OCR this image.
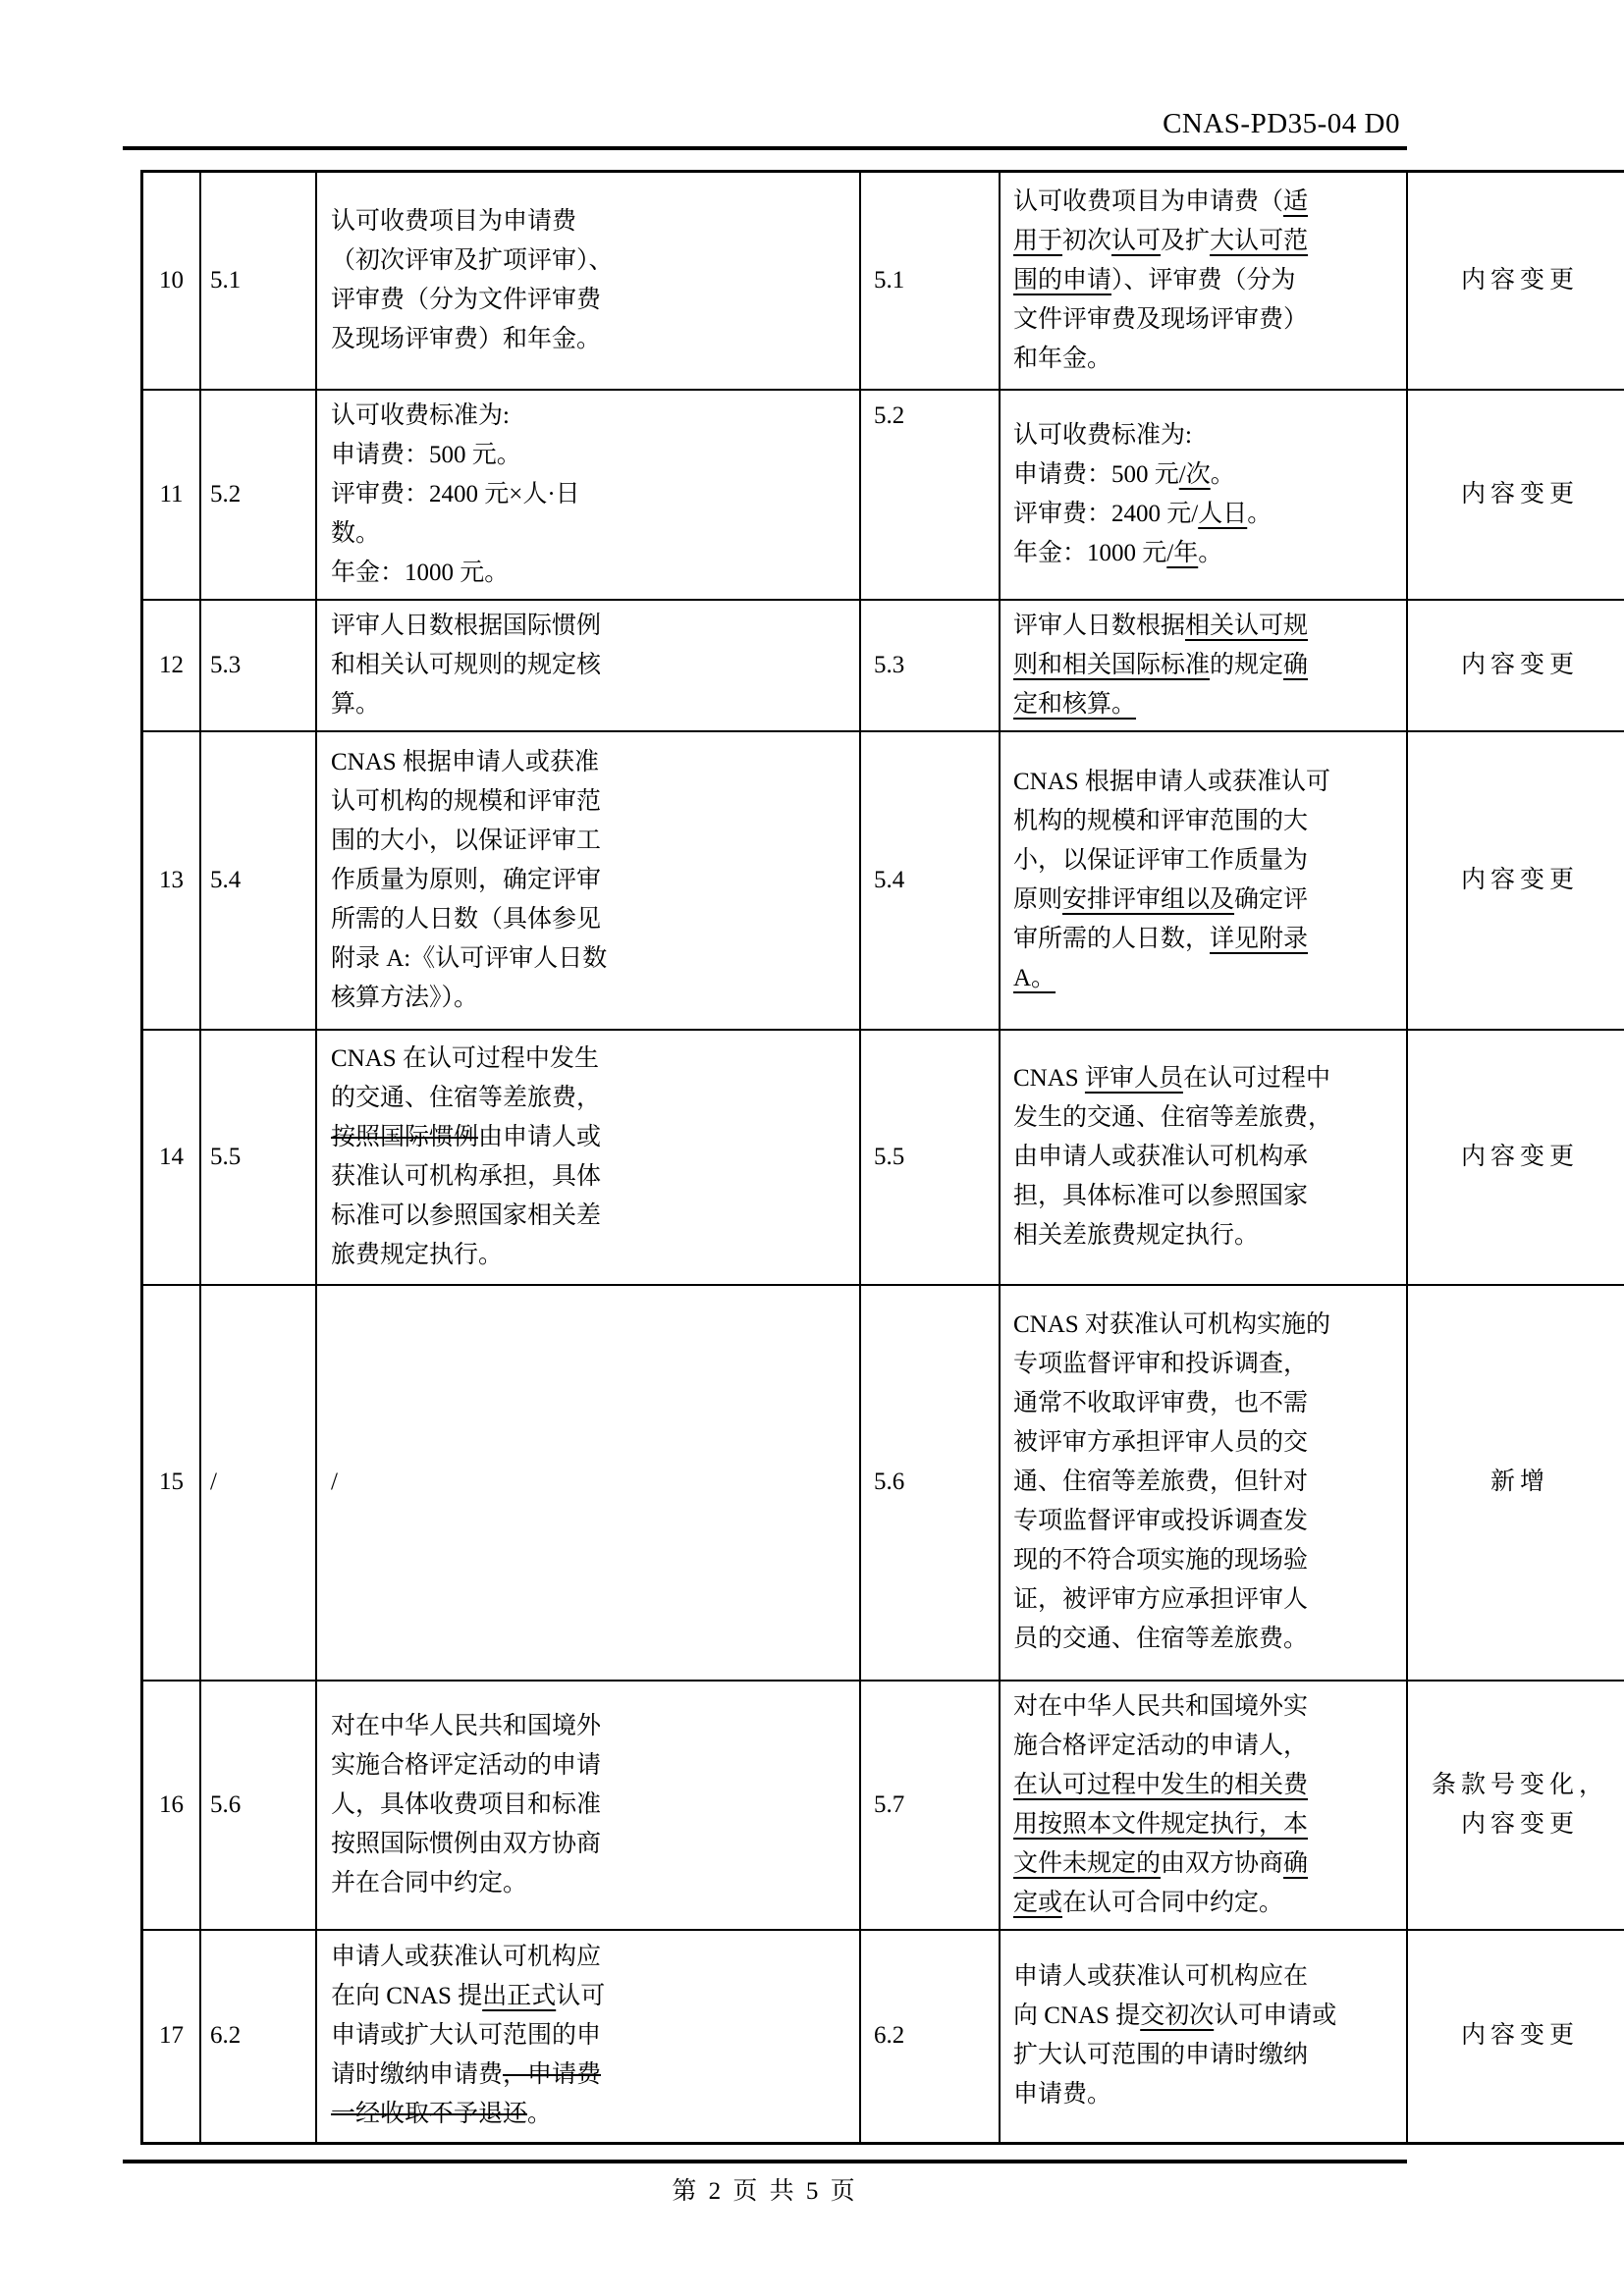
CNAS-PD35-04 D0
10	5.1	认可收费项目为申请费
（初次评审及扩项评审）、
评审费（分为文件评审费
及现场评审费）和年金。	5.1	认可收费项目为申请费（适
用于初次认可及扩大认可范
围的申请）、评审费（分为
文件评审费及现场评审费）
和年金。	内容变更
11	5.2	认可收费标准为:
申请费：500 元。
评审费：2400 元×人·日
数。
年金：1000 元。	5.2	认可收费标准为:
申请费：500 元/次。
评审费：2400 元/人日。
年金：1000 元/年。	内容变更
12	5.3	评审人日数根据国际惯例
和相关认可规则的规定核
算。	5.3	评审人日数根据相关认可规
则和相关国际标准的规定确
定和核算。	内容变更
13	5.4	CNAS 根据申请人或获准
认可机构的规模和评审范
围的大小，以保证评审工
作质量为原则，确定评审
所需的人日数（具体参见
附录 A:《认可评审人日数
核算方法》）。	5.4	CNAS 根据申请人或获准认可
机构的规模和评审范围的大
小，以保证评审工作质量为
原则安排评审组以及确定评
审所需的人日数，详见附录
A。	内容变更
14	5.5	CNAS 在认可过程中发生
的交通、住宿等差旅费，
按照国际惯例由申请人或
获准认可机构承担，具体
标准可以参照国家相关差
旅费规定执行。	5.5	CNAS 评审人员在认可过程中
发生的交通、住宿等差旅费，
由申请人或获准认可机构承
担，具体标准可以参照国家
相关差旅费规定执行。	内容变更
15	/	/	5.6	CNAS 对获准认可机构实施的
专项监督评审和投诉调查，
通常不收取评审费，也不需
被评审方承担评审人员的交
通、住宿等差旅费，但针对
专项监督评审或投诉调查发
现的不符合项实施的现场验
证，被评审方应承担评审人
员的交通、住宿等差旅费。	新增
16	5.6	对在中华人民共和国境外
实施合格评定活动的申请
人，具体收费项目和标准
按照国际惯例由双方协商
并在合同中约定。	5.7	对在中华人民共和国境外实
施合格评定活动的申请人，
在认可过程中发生的相关费
用按照本文件规定执行，本
文件未规定的由双方协商确
定或在认可合同中约定。	条款号变化，
内容变更
17	6.2	申请人或获准认可机构应
在向 CNAS 提出正式认可
申请或扩大认可范围的申
请时缴纳申请费，申请费
一经收取不予退还。	6.2	申请人或获准认可机构应在
向 CNAS 提交初次认可申请或
扩大认可范围的申请时缴纳
申请费。	内容变更
第 2 页 共 5 页
